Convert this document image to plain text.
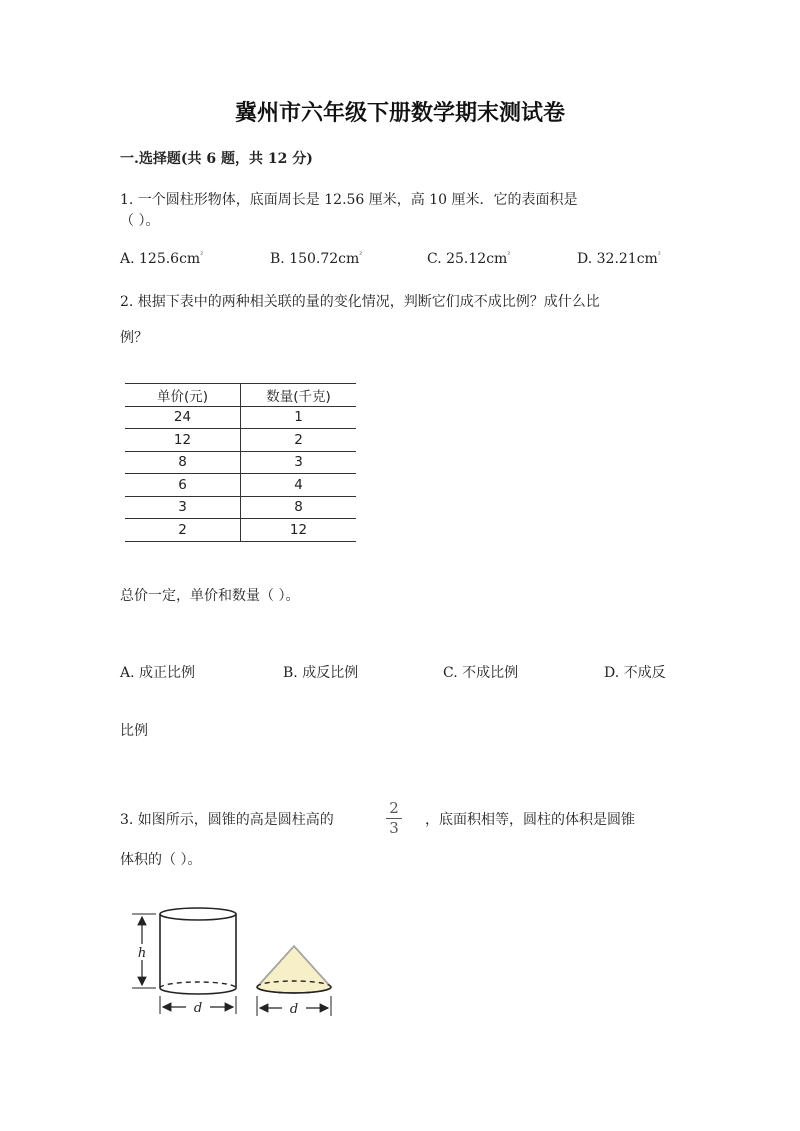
冀州市六年级下册数学期末测试卷
一.选择题(共 6 题，共 12 分)
1. 一个圆柱形物体，底面周长是 12.56 厘米，高 10 厘米．它的表面积是
（ ）。
A. $125.6cm^{^2}$	B. $150.72cm^{^2}$	C. $25.12cm^{^2}$	D. $32.21cm^{^2}$
2. 根据下表中的两种相关联的量的变化情况，判断它们成不成比例？成什么比
例？
单价(元)	数量(千克)
24	1
12	2
8	3
6	4
3	8
2	12
总价一定，单价和数量（ ）。
A. 成正比例	B. 成反比例	C. 不成比例	D. 不成反
比例
3. 如图所示，圆锥的高是圆柱高的
2
3	，底面积相等，圆柱的体积是圆锥
体积的（ ）。
h
d	d
